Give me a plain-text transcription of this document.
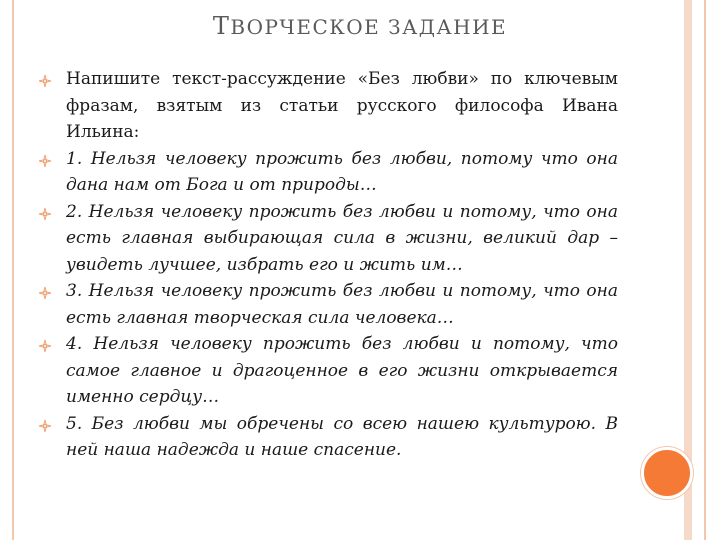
ТВОРЧЕСКОЕ ЗАДАНИЕ
Напишите текст-рассуждение «Без любви» по ключевым фразам, взятым из статьи русского философа Ивана Ильина:
1. Нельзя человеку прожить без любви, потому что она дана нам от Бога и от природы…
2. Нельзя человеку прожить без любви и потому, что она есть главная выбирающая сила в жизни, великий дар – увидеть лучшее, избрать его и жить им…
3. Нельзя человеку прожить без любви и потому, что она есть главная творческая сила человека…
4. Нельзя человеку прожить без любви и потому, что самое главное и драгоценное в его жизни открывается именно сердцу…
5. Без любви мы обречены со всею нашею культурою. В ней наша надежда и наше спасение.
